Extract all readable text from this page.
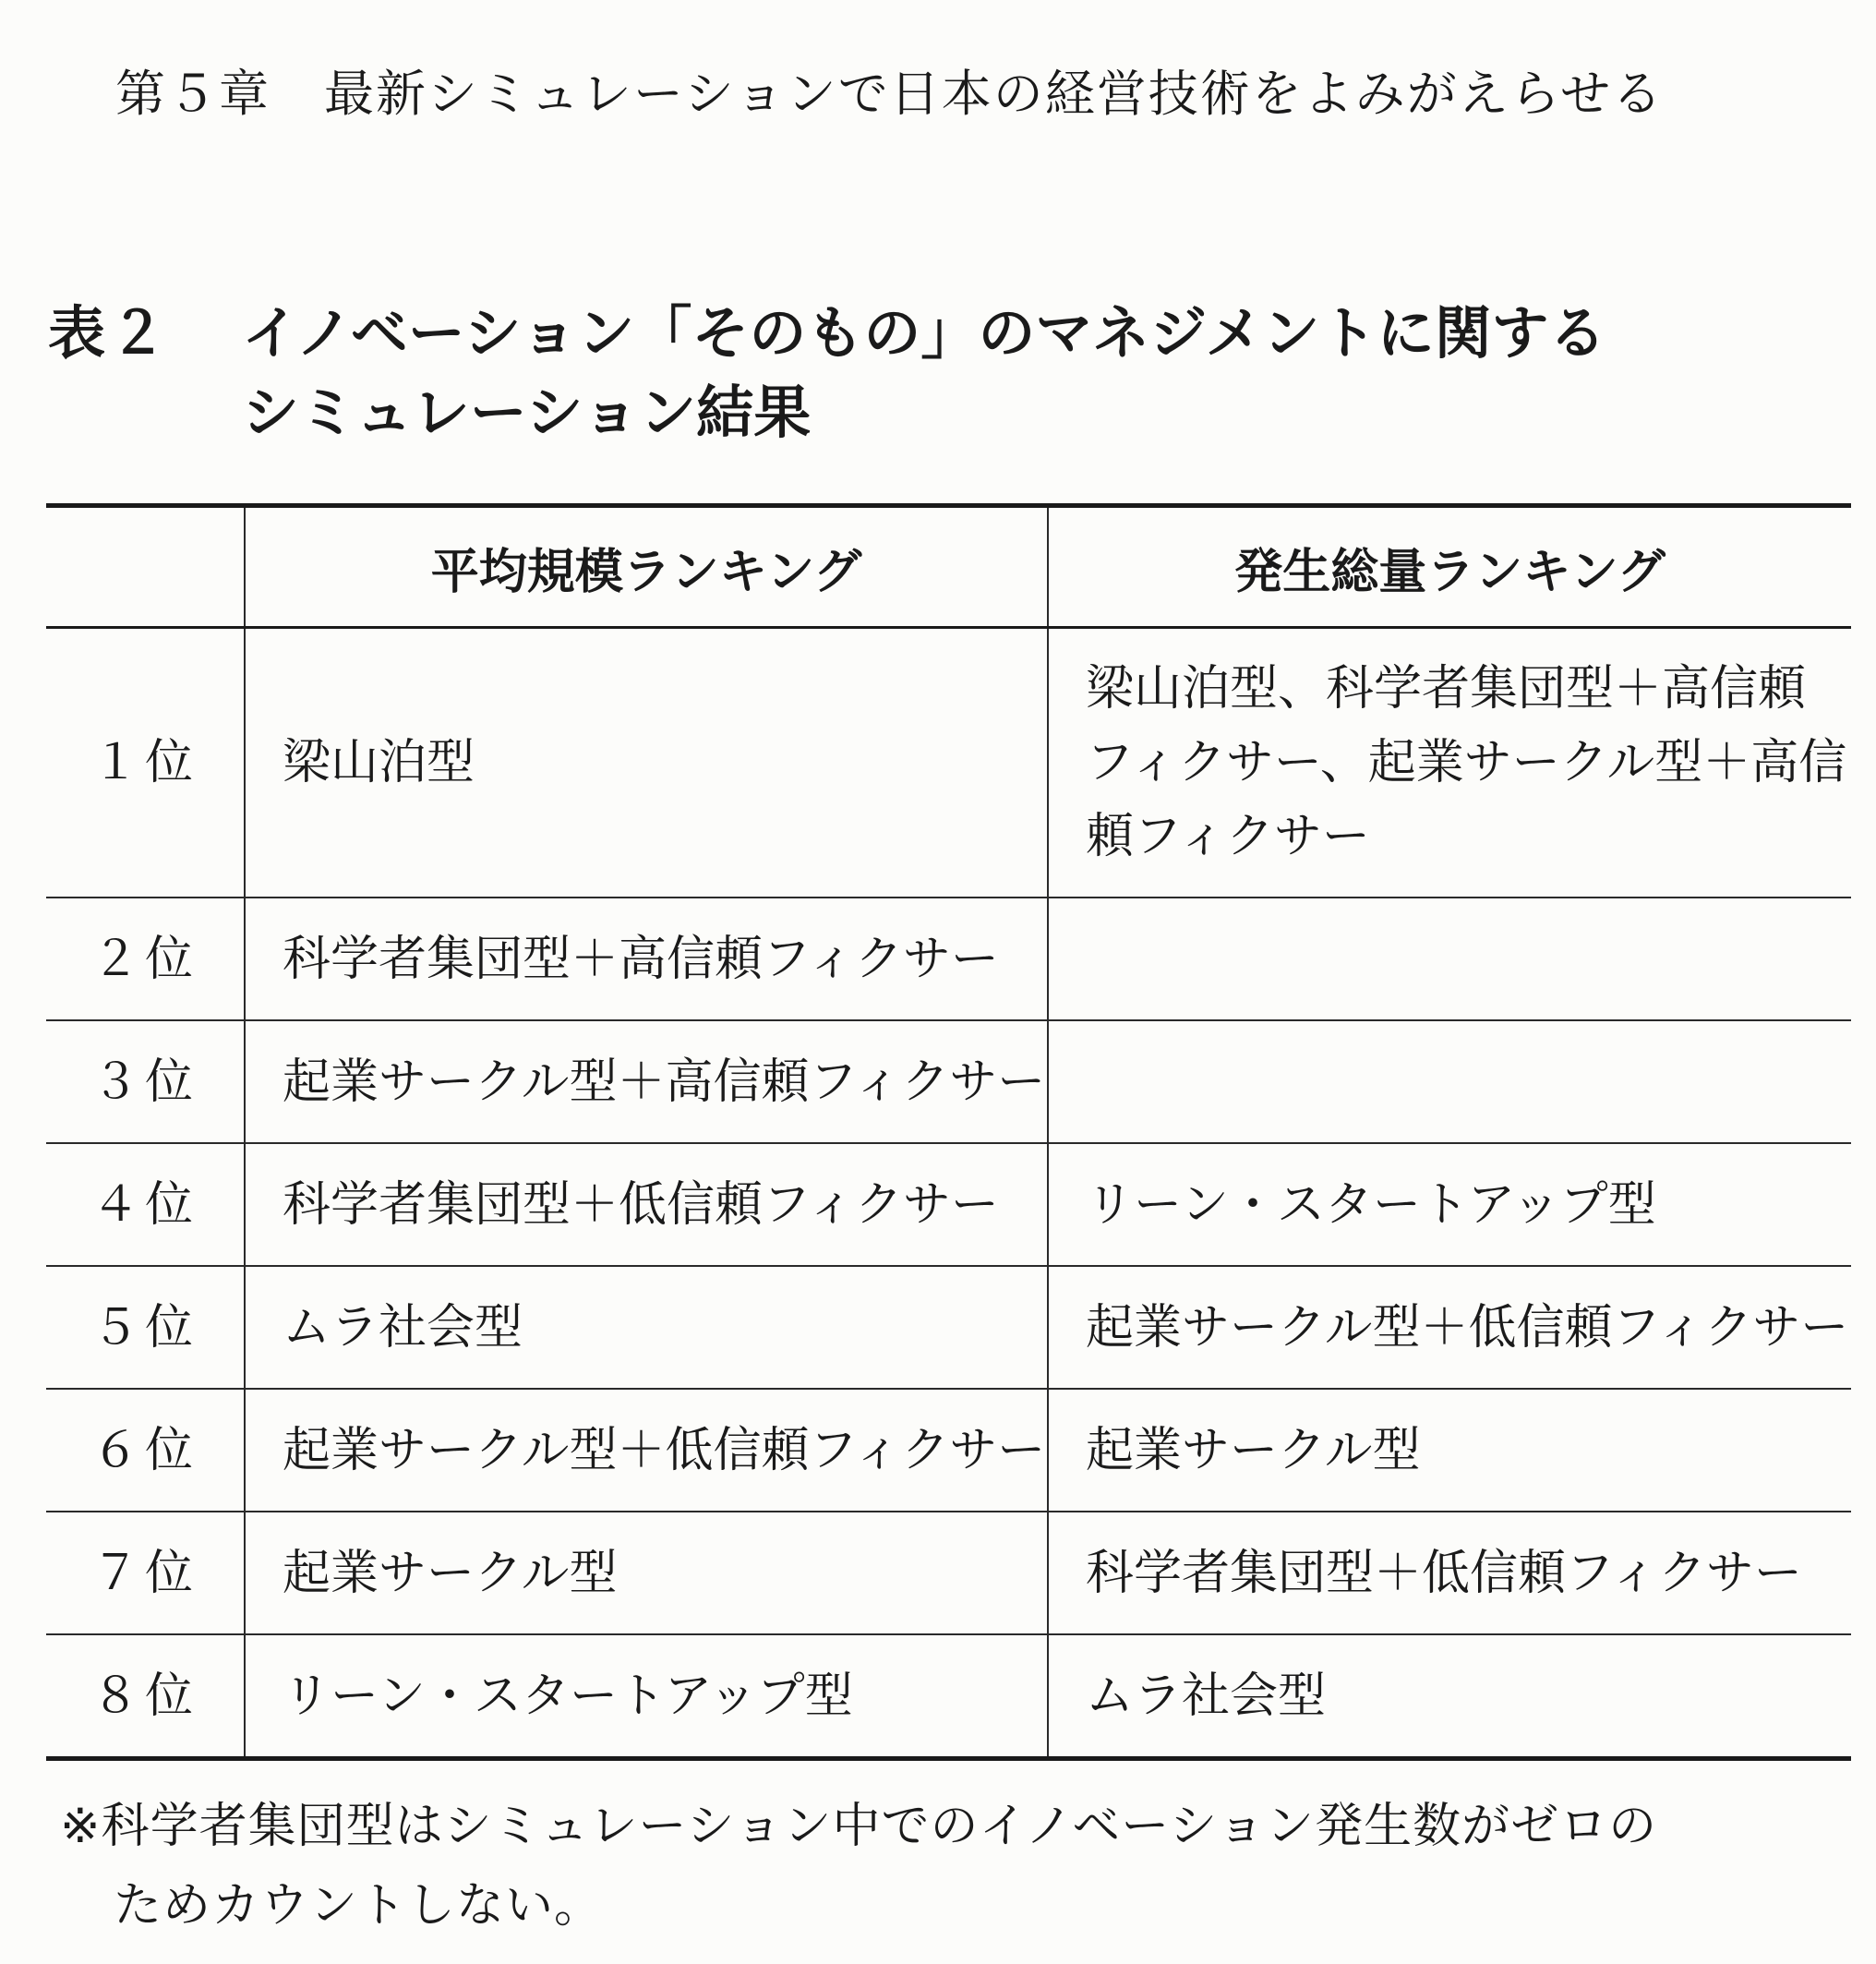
第５章 最新シミュレーションで日本の経営技術をよみがえらせる
表２	イノベーション「そのもの」のマネジメントに関する
シミュレーション結果
	平均規模ランキング	発生総量ランキング
１位	梁山泊型	梁山泊型、科学者集団型＋高信頼フィクサー、起業サークル型＋高信頼フィクサー
２位	科学者集団型＋高信頼フィクサー	
３位	起業サークル型＋高信頼フィクサー	
４位	科学者集団型＋低信頼フィクサー	リーン・スタートアップ型
５位	ムラ社会型	起業サークル型＋低信頼フィクサー
６位	起業サークル型＋低信頼フィクサー	起業サークル型
７位	起業サークル型	科学者集団型＋低信頼フィクサー
８位	リーン・スタートアップ型	ムラ社会型
※科学者集団型はシミュレーション中でのイノベーション発生数がゼロの
ためカウントしない。
